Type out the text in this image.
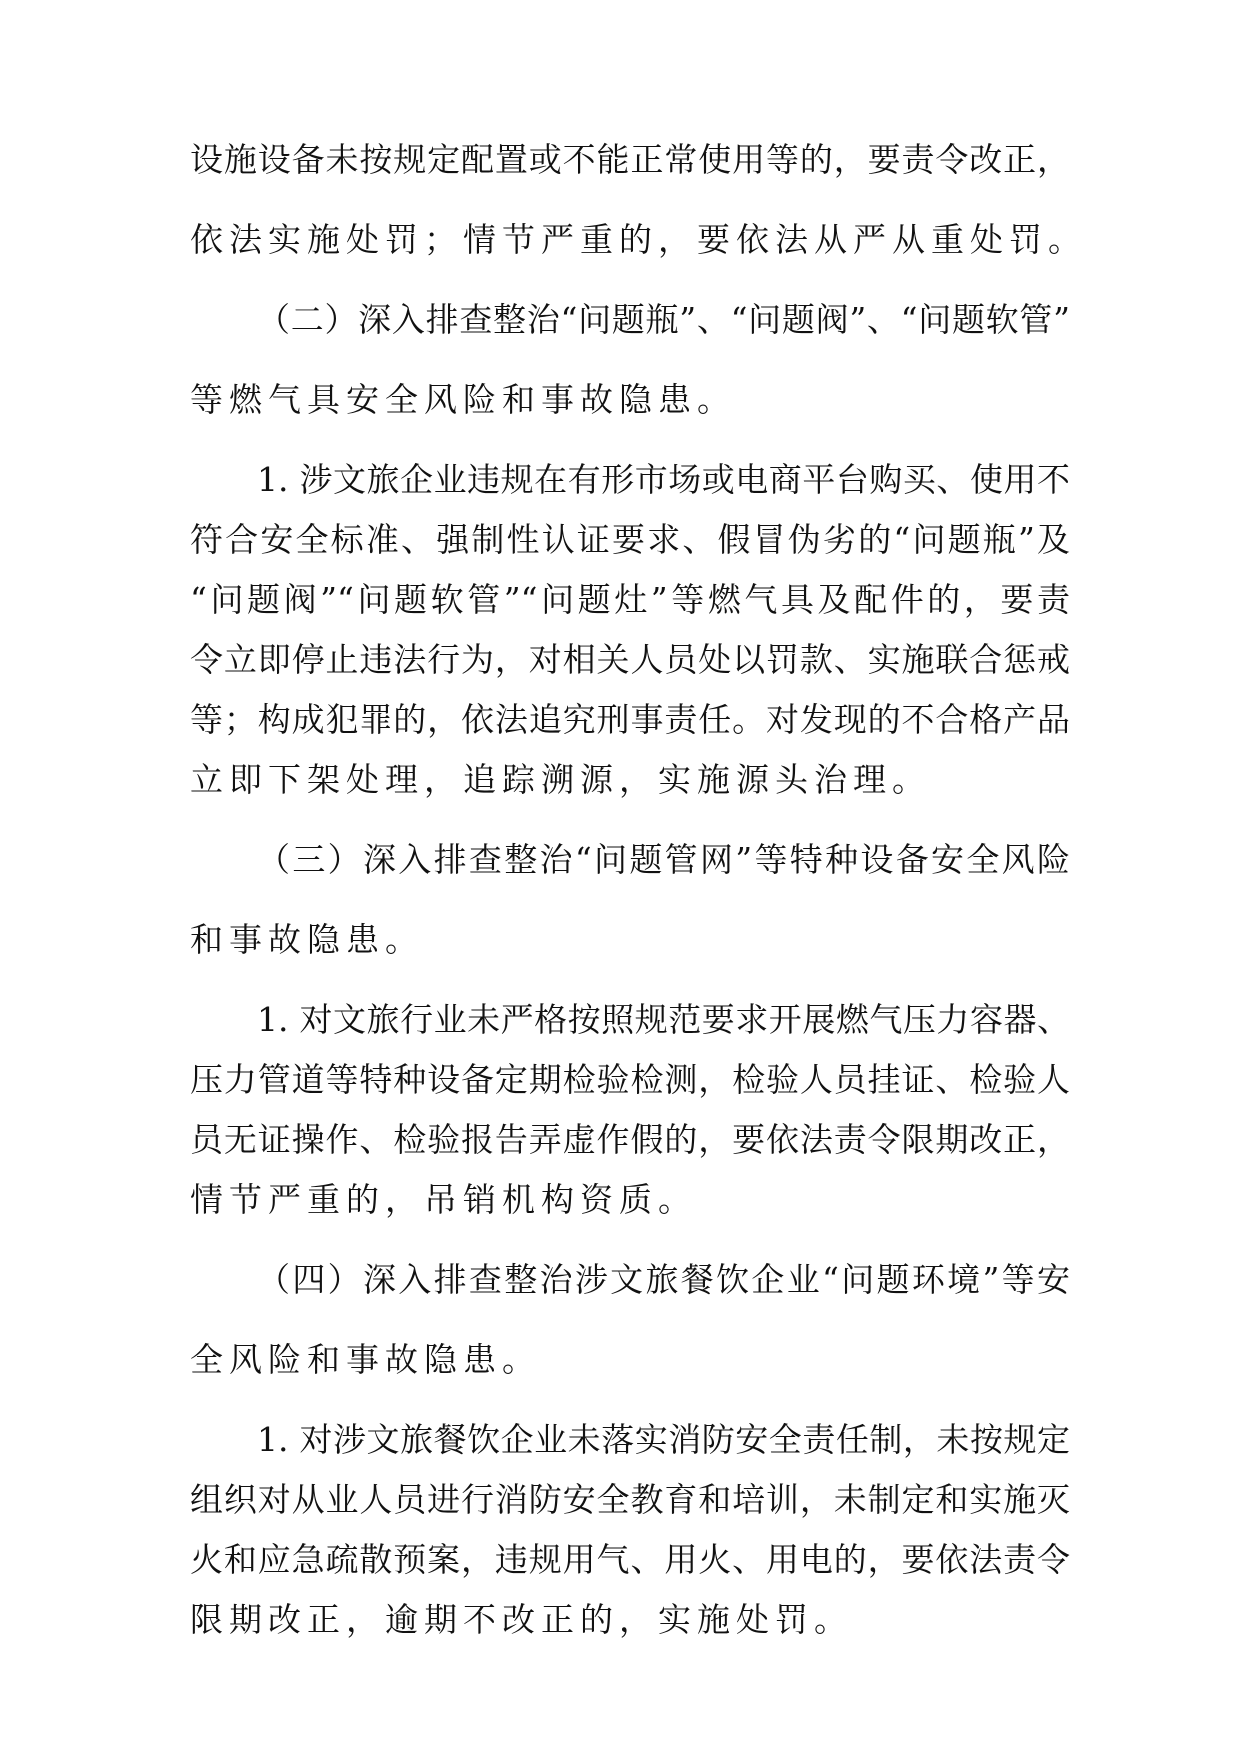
设施设备未按规定配置或不能正常使用等的，要责令改正，
依法实施处罚；情节严重的，要依法从严从重处罚。
（二）深入排查整治“问题瓶”、“问题阀”、“问题软管”
等燃气具安全风险和事故隐患。
1. 涉文旅企业违规在有形市场或电商平台购买、使用不
符合安全标准、强制性认证要求、假冒伪劣的“问题瓶”及
“问题阀”“问题软管”“问题灶”等燃气具及配件的，要责
令立即停止违法行为，对相关人员处以罚款、实施联合惩戒
等；构成犯罪的，依法追究刑事责任。对发现的不合格产品
立即下架处理，追踪溯源，实施源头治理。
（三）深入排查整治“问题管网”等特种设备安全风险
和事故隐患。
1. 对文旅行业未严格按照规范要求开展燃气压力容器、
压力管道等特种设备定期检验检测，检验人员挂证、检验人
员无证操作、检验报告弄虚作假的，要依法责令限期改正，
情节严重的，吊销机构资质。
（四）深入排查整治涉文旅餐饮企业“问题环境”等安
全风险和事故隐患。
1. 对涉文旅餐饮企业未落实消防安全责任制，未按规定
组织对从业人员进行消防安全教育和培训，未制定和实施灭
火和应急疏散预案，违规用气、用火、用电的，要依法责令
限期改正，逾期不改正的，实施处罚。
